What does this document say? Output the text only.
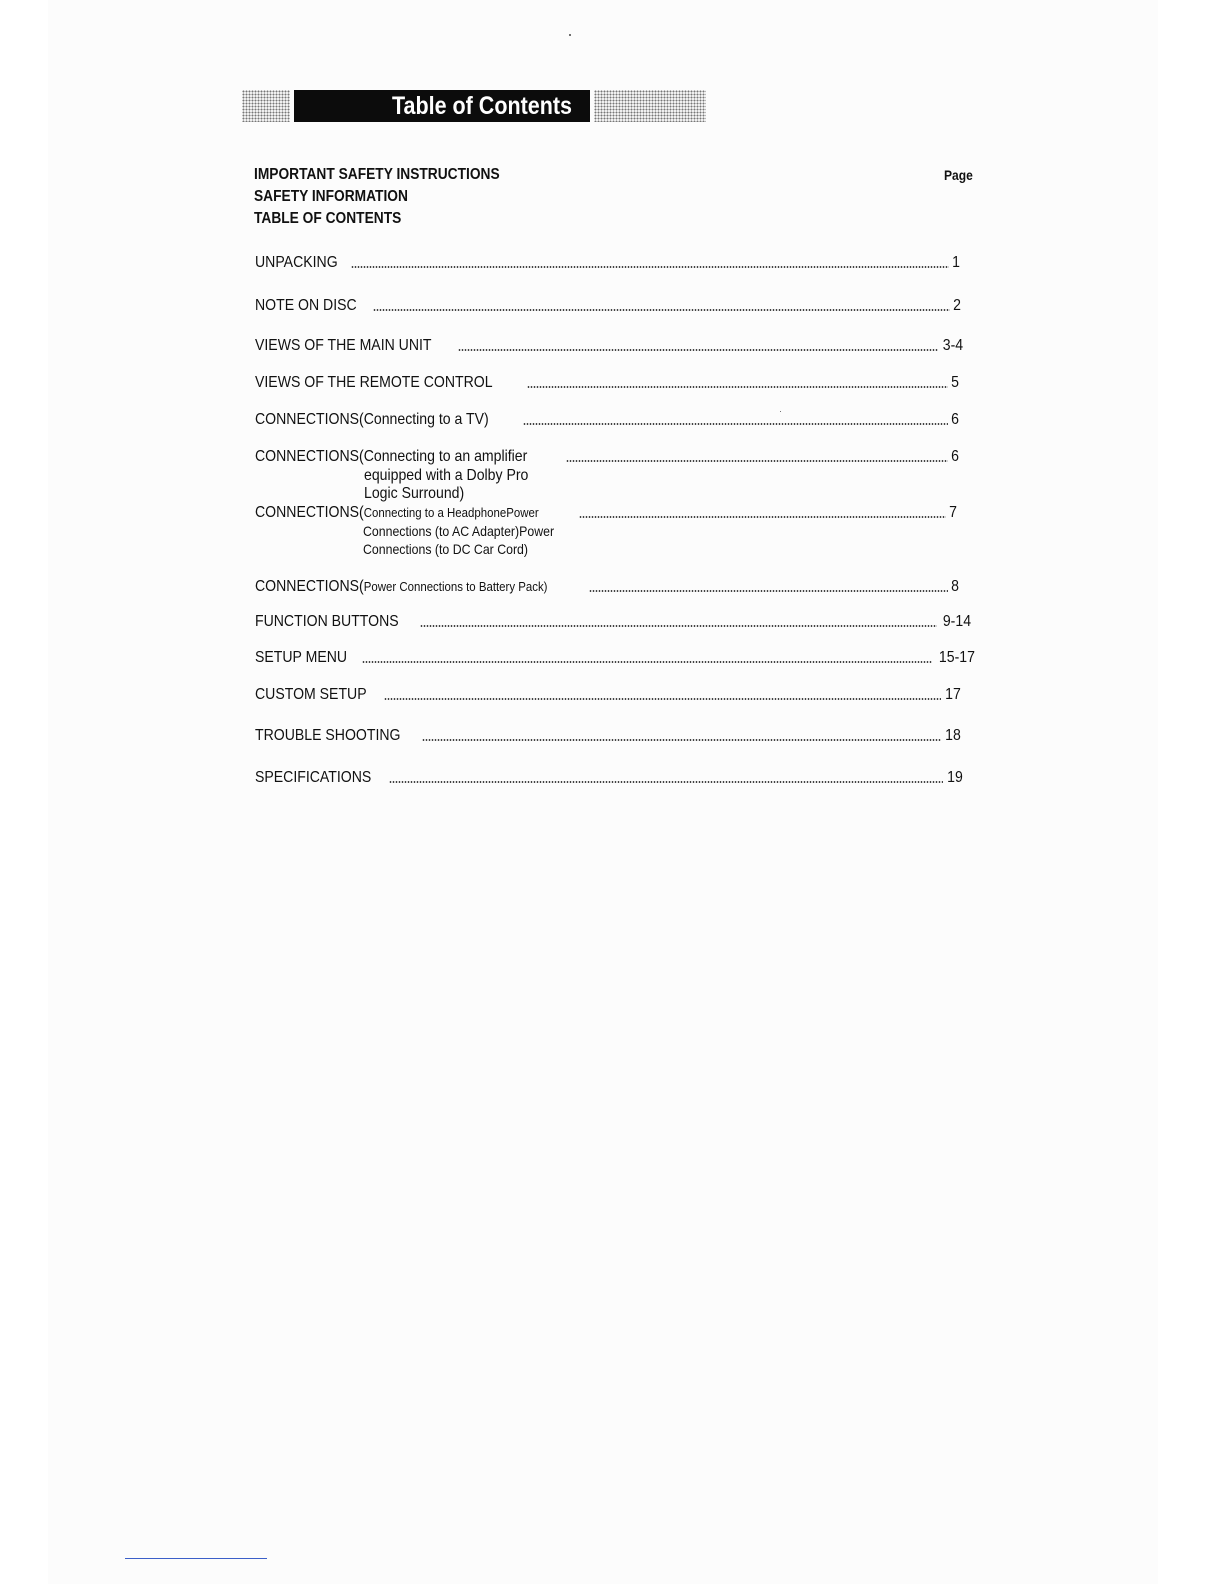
Table of Contents
IMPORTANT SAFETY INSTRUCTIONS
SAFETY INFORMATION
TABLE OF CONTENTS
Page
UNPACKING	1
NOTE ON DISC	2
VIEWS OF THE MAIN UNIT	3-4
VIEWS OF THE REMOTE CONTROL	5
CONNECTIONS(Connecting to a TV)	6
CONNECTIONS(Connecting to an amplifier	6
equipped with a Dolby Pro
Logic Surround)
CONNECTIONS(Connecting to a HeadphonePower	7
Connections (to AC Adapter)Power
Connections (to DC Car Cord)
CONNECTIONS(Power Connections to Battery Pack)	8
FUNCTION BUTTONS	9-14
SETUP MENU	15-17
CUSTOM SETUP	17
TROUBLE SHOOTING	18
SPECIFICATIONS	19
